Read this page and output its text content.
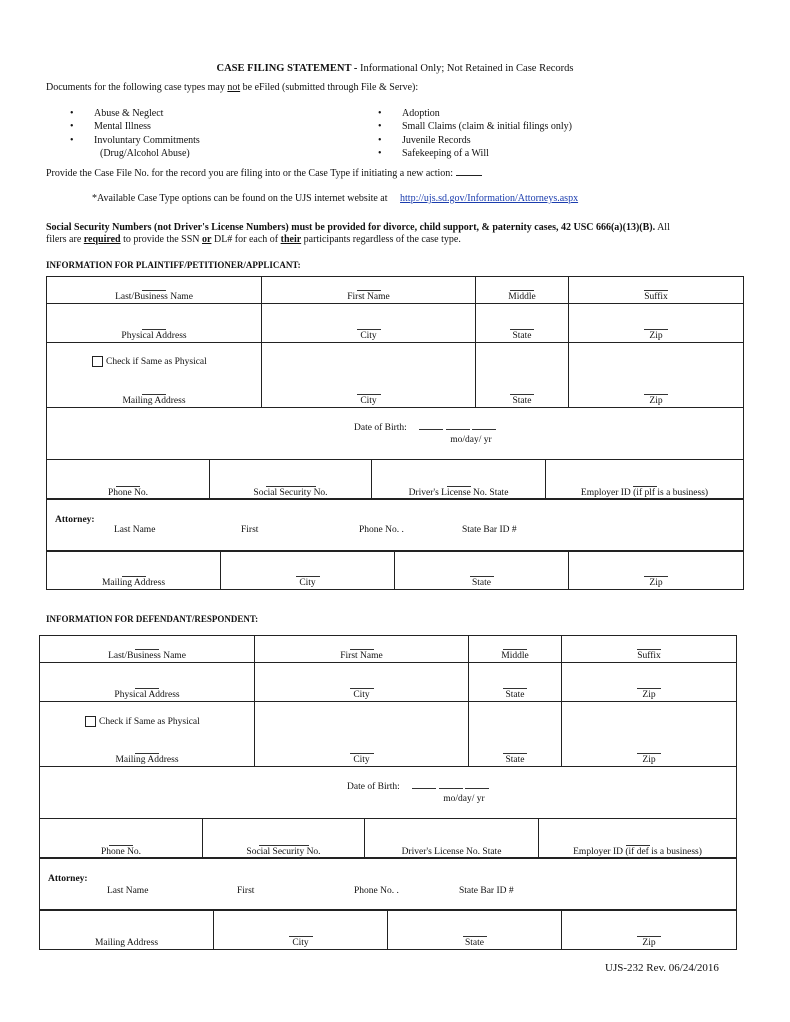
CASE FILING STATEMENT - Informational Only; Not Retained in Case Records
Documents for the following case types may not be eFiled (submitted through File & Serve):
• Abuse & Neglect
• Mental Illness
• Involuntary Commitments
(Drug/Alcohol Abuse)
• Adoption
• Small Claims (claim & initial filings only)
• Juvenile Records
• Safekeeping of a Will
Provide the Case File No. for the record you are filing into or the Case Type if initiating a new action:
*Available Case Type options can be found on the UJS internet website at http://ujs.sd.gov/Information/Attorneys.aspx
Social Security Numbers (not Driver's License Numbers) must be provided for divorce, child support, & paternity cases, 42 USC 666(a)(13)(B). All
filers are required to provide the SSN or DL# for each of their participants regardless of the case type.
INFORMATION FOR PLAINTIFF/PETITIONER/APPLICANT:
Last/Business Name	First Name	Middle	Suffix

Physical Address	City	State	Zip

Mailing Address	City	State	Zip

Date of Birth:
mo/day/ yr			
Phone No.	Social Security No.	Driver's License No. State	Employer ID (if plf is a business)
Attorney:
Last Name	First	Phone No. .	State Bar ID #
Mailing Address	City	State	Zip
Check if Same as Physical
INFORMATION FOR DEFENDANT/RESPONDENT:
Last/Business Name	First Name	Middle	Suffix

Physical Address	City	State	Zip

Mailing Address	City	State	Zip

Date of Birth:
mo/day/ yr			
Phone No.	Social Security No.	Driver's License No. State	Employer ID (if def is a business)
Attorney:
Last Name	First	Phone No. .	State Bar ID #
Mailing Address	City	State	Zip
Check if Same as Physical
UJS-232 Rev. 06/24/2016
